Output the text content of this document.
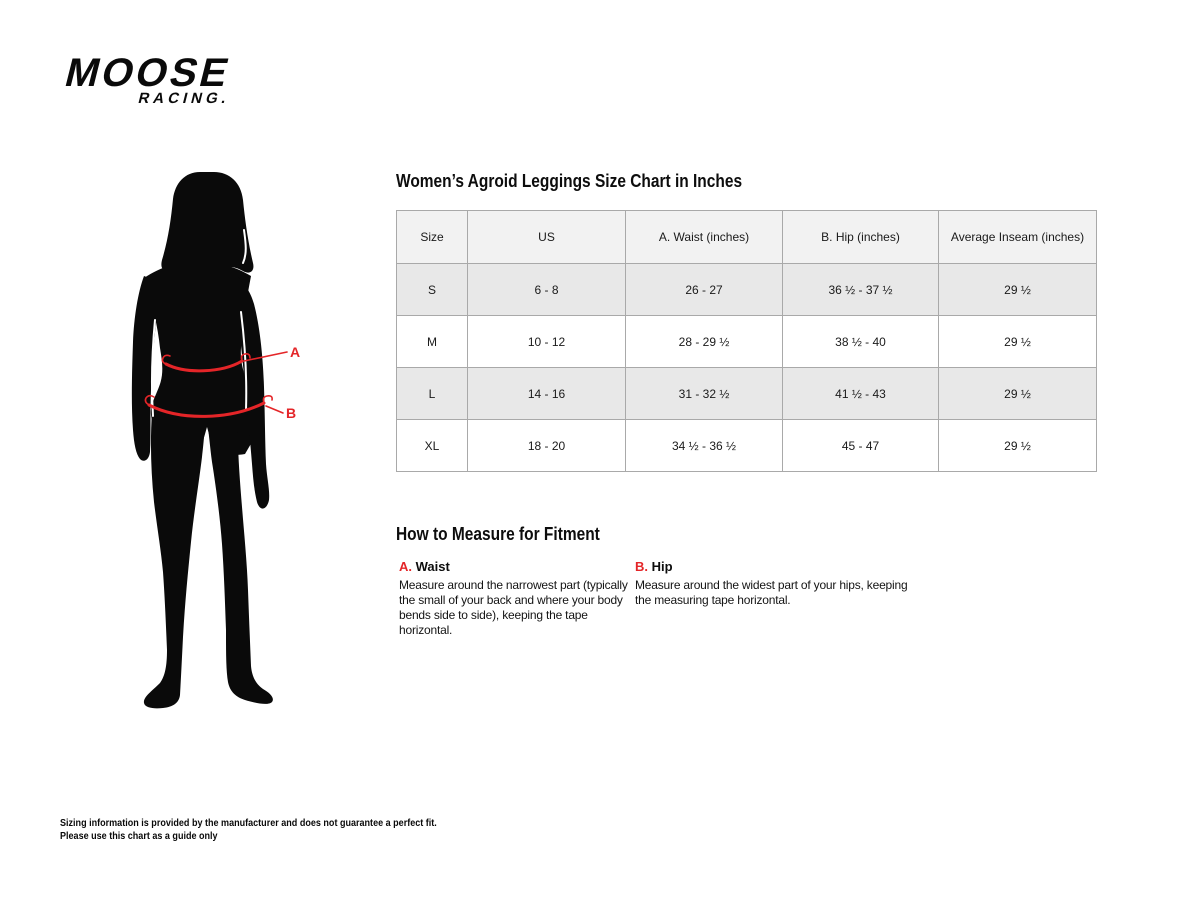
MOOSE
RACING.
A
B
Women’s Agroid Leggings Size Chart in Inches
Size	US	A. Waist (inches)	B. Hip (inches)	Average Inseam (inches)
S	6 - 8	26 - 27	36 ½ - 37 ½	29 ½
M	10 - 12	28 - 29 ½	38 ½ - 40	29 ½
L	14 - 16	31 - 32 ½	41 ½ - 43	29 ½
XL	18 - 20	34 ½ - 36 ½	45 - 47	29 ½
How to Measure for Fitment
A. Waist

Measure around the narrowest part (typically the small of your back and where your body bends side to side), keeping the tape horizontal.

B. Hip

Measure around the widest part of your hips, keeping the measuring tape horizontal.

Sizing information is provided by the manufacturer and does not guarantee a perfect fit.
Please use this chart as a guide only
